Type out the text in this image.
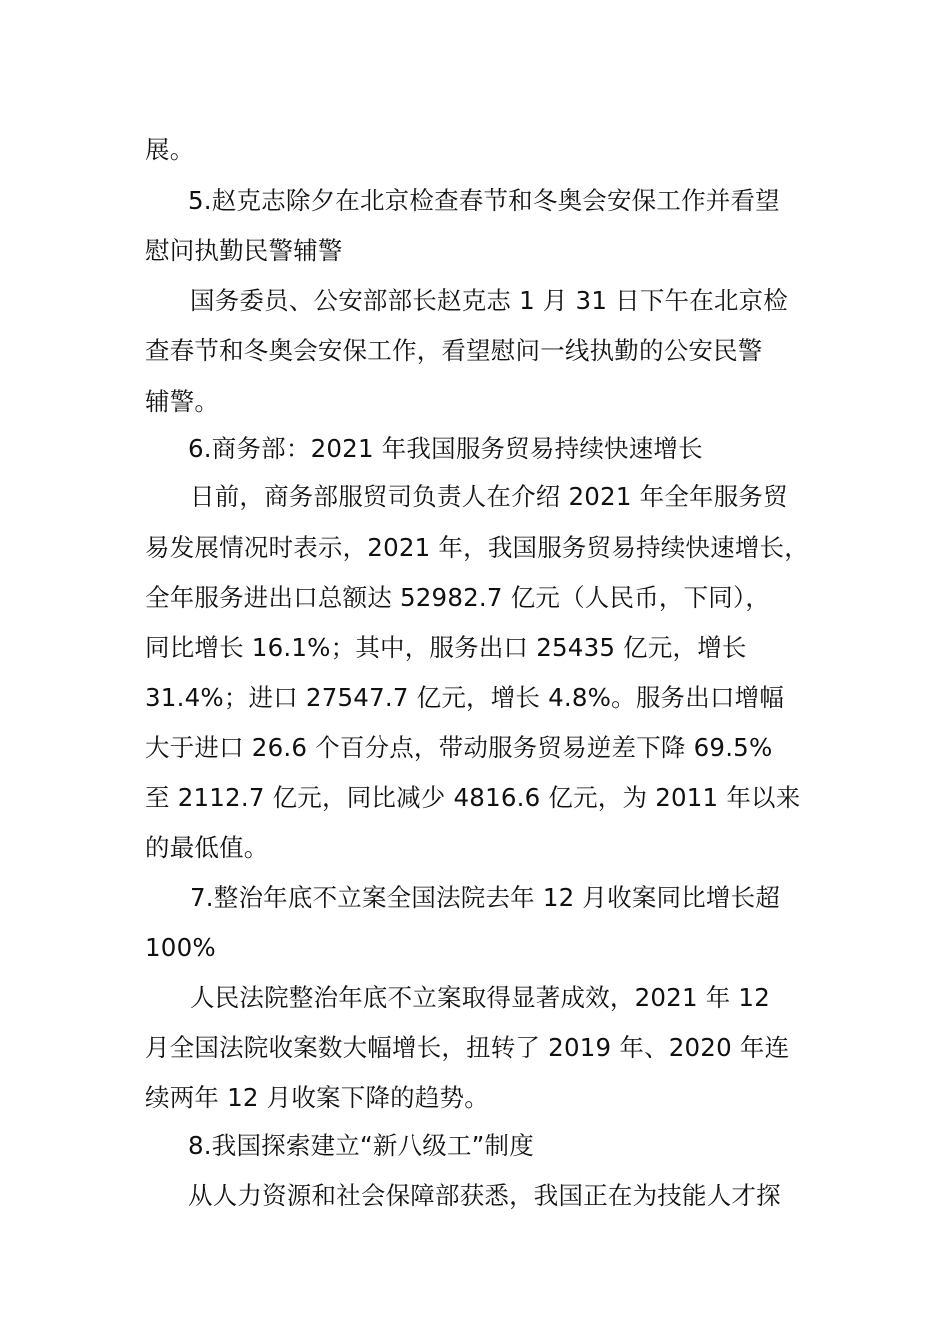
展。
5.赵克志除夕在北京检查春节和冬奥会安保工作并看望
慰问执勤民警辅警
国务委员、公安部部长赵克志 1 月 31 日下午在北京检
查春节和冬奥会安保工作，看望慰问一线执勤的公安民警
辅警。
6.商务部：2021 年我国服务贸易持续快速增长
日前，商务部服贸司负责人在介绍 2021 年全年服务贸
易发展情况时表示，2021 年，我国服务贸易持续快速增长，
全年服务进出口总额达 52982.7 亿元（人民币，下同），
同比增长 16.1%；其中，服务出口 25435 亿元，增长
31.4%；进口 27547.7 亿元，增长 4.8%。服务出口增幅
大于进口 26.6 个百分点，带动服务贸易逆差下降 69.5%
至 2112.7 亿元，同比减少 4816.6 亿元，为 2011 年以来
的最低值。
7.整治年底不立案全国法院去年 12 月收案同比增长超
100%
人民法院整治年底不立案取得显著成效，2021 年 12
月全国法院收案数大幅增长，扭转了 2019 年、2020 年连
续两年 12 月收案下降的趋势。
8.我国探索建立“新八级工”制度
从人力资源和社会保障部获悉，我国正在为技能人才探
